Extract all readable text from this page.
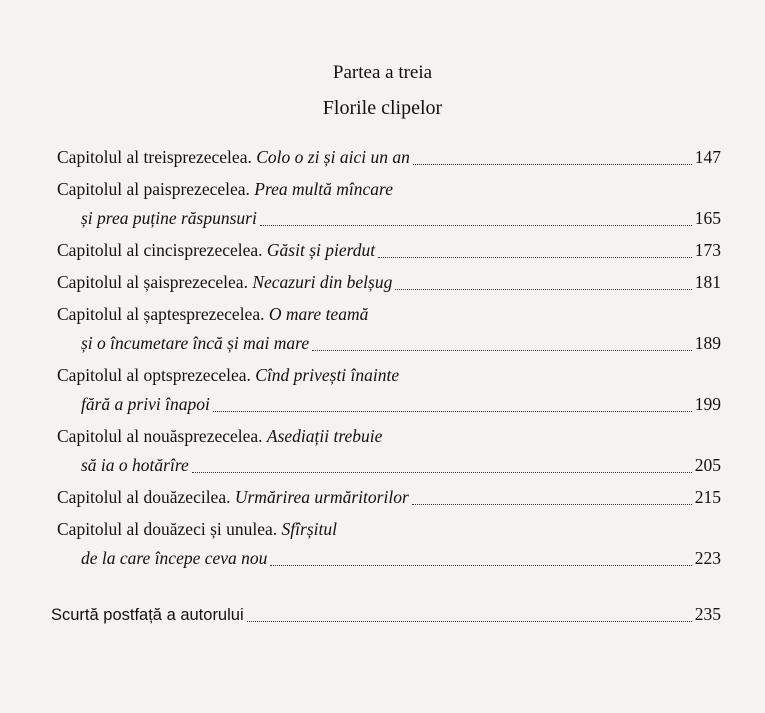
Partea a treia
Florile clipelor
Capitolul al treisprezecelea. Colo o zi și aici un an	147
Capitolul al paisprezecelea. Prea multă mîncare
și prea puține răspunsuri	165
Capitolul al cincisprezecelea. Găsit și pierdut	173
Capitolul al șaisprezecelea. Necazuri din belșug	181
Capitolul al șaptesprezecelea. O mare teamă
și o încumetare încă și mai mare	189
Capitolul al optsprezecelea. Cînd privești înainte
fără a privi înapoi	199
Capitolul al nouăsprezecelea. Asediații trebuie
să ia o hotărîre	205
Capitolul al douăzecilea. Urmărirea urmăritorilor	215
Capitolul al douăzeci și unulea. Sfîrșitul
de la care începe ceva nou	223
Scurtă postfață a autorului	235
